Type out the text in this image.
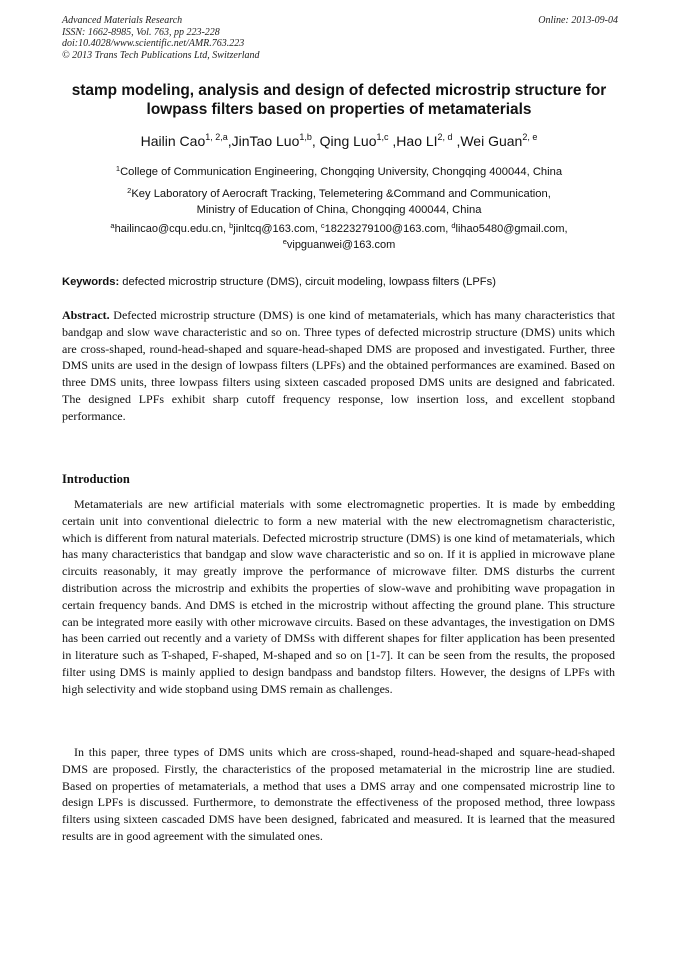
Advanced Materials Research
ISSN: 1662-8985, Vol. 763, pp 223-228
doi:10.4028/www.scientific.net/AMR.763.223
© 2013 Trans Tech Publications Ltd, Switzerland
Online: 2013-09-04
stamp modeling, analysis and design of defected microstrip structure for lowpass filters based on properties of metamaterials
Hailin Cao$^{1, 2,a}$,JinTao Luo$^{1,b}$, Qing Luo$^{1,c}$ ,Hao LI$^{2, d}$ ,Wei Guan$^{2, e}$
$^1$College of Communication Engineering, Chongqing University, Chongqing 400044, China
$^2$Key Laboratory of Aerocraft Tracking, Telemetering &Command and Communication,
Ministry of Education of China, Chongqing 400044, China
$^a$hailincao@cqu.edu.cn, $^b$jinltcq@163.com, $^c$18223279100@163.com, $^d$lihao5480@gmail.com,
$^e$vipguanwei@163.com
Keywords: defected microstrip structure (DMS), circuit modeling, lowpass filters (LPFs)
Abstract. Defected microstrip structure (DMS) is one kind of metamaterials, which has many characteristics that bandgap and slow wave characteristic and so on. Three types of defected microstrip structure (DMS) units which are cross-shaped, round-head-shaped and square-head-shaped DMS are proposed and investigated. Further, three DMS units are used in the design of lowpass filters (LPFs) and the obtained performances are examined. Based on three DMS units, three lowpass filters using sixteen cascaded proposed DMS units are designed and fabricated. The designed LPFs exhibit sharp cutoff frequency response, low insertion loss, and excellent stopband performance.
Introduction
Metamaterials are new artificial materials with some electromagnetic properties. It is made by embedding certain unit into conventional dielectric to form a new material with the new electromagnetism characteristic, which is different from natural materials. Defected microstrip structure (DMS) is one kind of metamaterials, which has many characteristics that bandgap and slow wave characteristic and so on. If it is applied in microwave plane circuits reasonably, it may greatly improve the performance of microwave filter. DMS disturbs the current distribution across the microstrip and exhibits the properties of slow-wave and prohibiting wave propagation in certain frequency bands. And DMS is etched in the microstrip without affecting the ground plane. This structure can be integrated more easily with other microwave circuits. Based on these advantages, the investigation on DMS has been carried out recently and a variety of DMSs with different shapes for filter application has been presented in literature such as T-shaped, F-shaped, M-shaped and so on [1-7]. It can be seen from the results, the proposed filter using DMS is mainly applied to design bandpass and bandstop filters. However, the designs of LPFs with high selectivity and wide stopband using DMS remain as challenges.
In this paper, three types of DMS units which are cross-shaped, round-head-shaped and square-head-shaped DMS are proposed. Firstly, the characteristics of the proposed metamaterial in the microstrip line are studied. Based on properties of metamaterials, a method that uses a DMS array and one compensated microstrip line to design LPFs is discussed. Furthermore, to demonstrate the effectiveness of the proposed method, three lowpass filters using sixteen cascaded DMS have been designed, fabricated and measured. It is learned that the measured results are in good agreement with the simulated ones.
